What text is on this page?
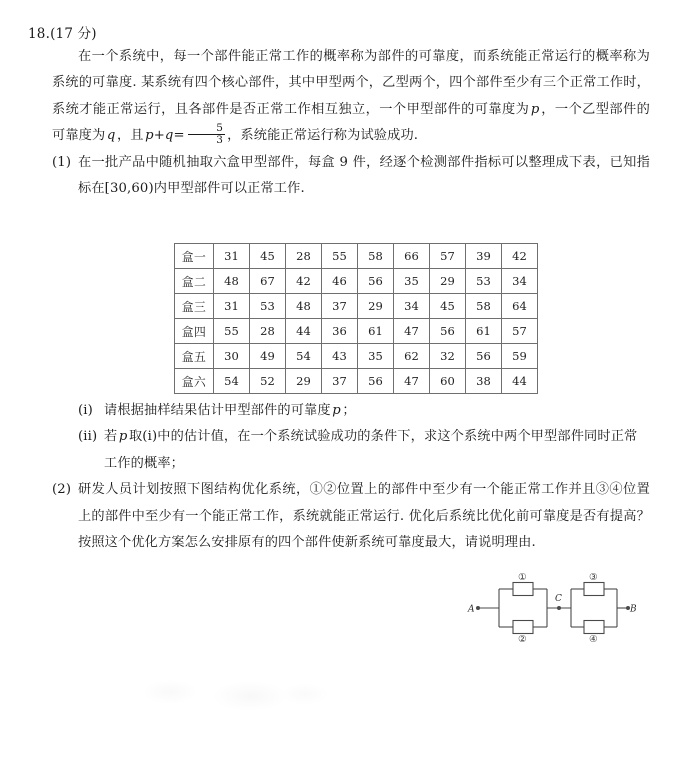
18.(17 分)
在一个系统中，每一个部件能正常工作的概率称为部件的可靠度，而系统能正常运行的概率称为系统的可靠度. 某系统有四个核心部件，其中甲型两个，乙型两个，四个部件至少有三个正常工作时，系统才能正常运行，且各部件是否正常工作相互独立，一个甲型部件的可靠度为 p ，一个乙型部件的可靠度为 q ，且 $p+q= \frac{5}{3}$ ，系统能正常运行称为试验成功.
(1) 在一批产品中随机抽取六盒甲型部件，每盒 9 件，经逐个检测部件指标可以整理成下表，已知指标在[30,60)内甲型部件可以正常工作.
盒一	31	45	28	55	58	66	57	39	42
盒二	48	67	42	46	56	35	29	53	34
盒三	31	53	48	37	29	34	45	58	64
盒四	55	28	44	36	61	47	56	61	57
盒五	30	49	54	43	35	62	32	56	59
盒六	54	52	29	37	56	47	60	38	44
(i) 请根据抽样结果估计甲型部件的可靠度 p ；
(ii) 若 p 取(i)中的估计值，在一个系统试验成功的条件下，求这个系统中两个甲型部件同时正常工作的概率；
(2) 研发人员计划按照下图结构优化系统，①②位置上的部件中至少有一个能正常工作并且③④位置上的部件中至少有一个能正常工作，系统就能正常运行. 优化后系统比优化前可靠度是否有提高？按照这个优化方案怎么安排原有的四个部件使新系统可靠度最大，请说明理由.
A
C
B
①
②
③
④
